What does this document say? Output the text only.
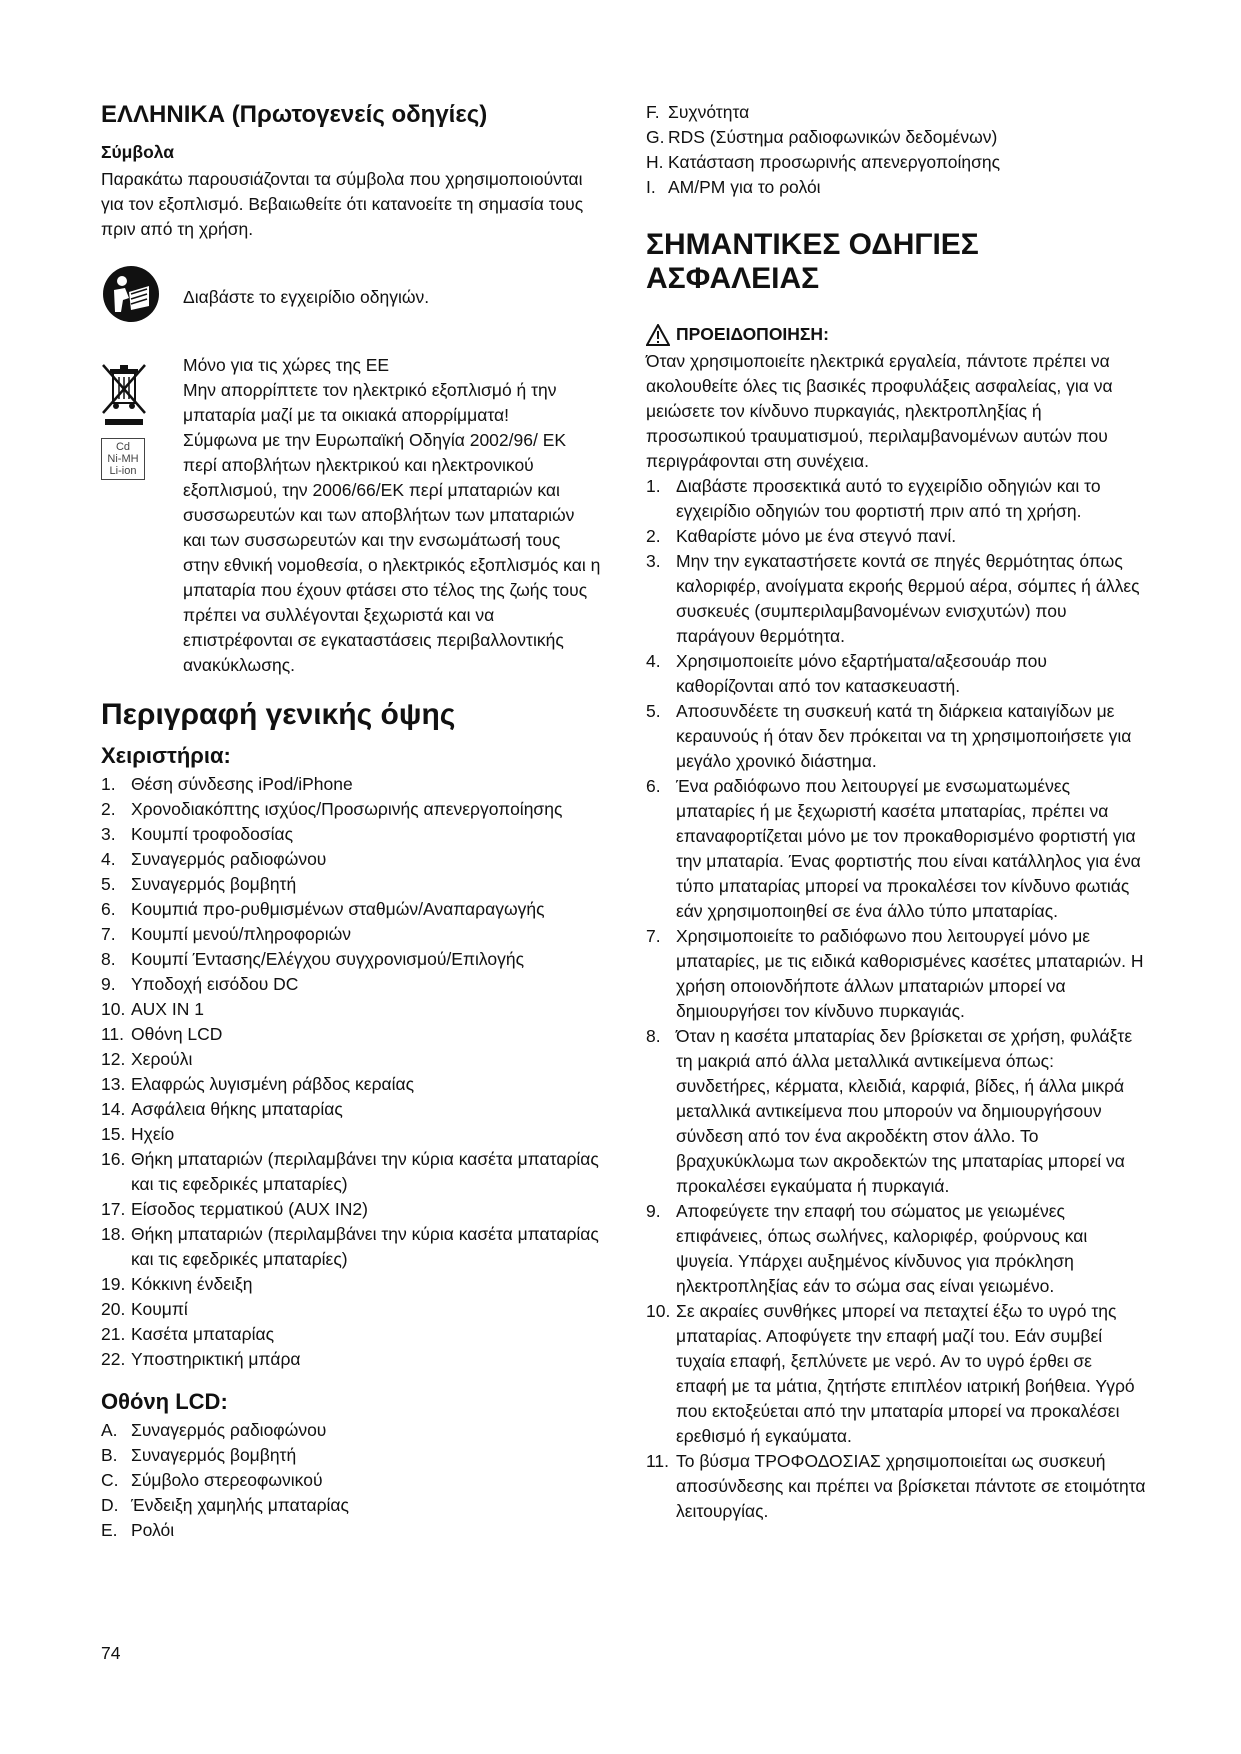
ΕΛΛΗΝΙΚΑ (Πρωτογενείς οδηγίες)
Σύμβολα

Παρακάτω παρουσιάζονται τα σύμβολα που χρησιμοποιούνται για τον εξοπλισμό. Βεβαιωθείτε ότι κατανοείτε τη σημασία τους πριν από τη χρήση.

Διαβάστε το εγχειρίδιο οδηγιών.
Cd
Ni-MH
Li-ion

Μόνο για τις χώρες της ΕΕ

Μην απορρίπτετε τον ηλεκτρικό εξοπλισμό ή την μπαταρία μαζί με τα οικιακά απορρίμματα!

Σύμφωνα με την Ευρωπαϊκή Οδηγία 2002/96/ ΕΚ περί αποβλήτων ηλεκτρικού και ηλεκτρονικού εξοπλισμού, την 2006/66/ΕΚ περί μπαταριών και συσσωρευτών και των αποβλήτων των μπαταριών και των συσσωρευτών και την ενσωμάτωσή τους στην εθνική νομοθεσία, ο ηλεκτρικός εξοπλισμός και η μπαταρία που έχουν φτάσει στο τέλος της ζωής τους πρέπει να συλλέγονται ξεχωριστά και να επιστρέφονται σε εγκαταστάσεις περιβαλλοντικής ανακύκλωσης.

Περιγραφή γενικής όψης
Χειριστήρια:
1. Θέση σύνδεσης iPod/iPhone
2. Χρονοδιακόπτης ισχύος/Προσωρινής απενεργοποίησης
3. Κουμπί τροφοδοσίας
4. Συναγερμός ραδιοφώνου
5. Συναγερμός βομβητή
6. Κουμπιά προ-ρυθμισμένων σταθμών/Αναπαραγωγής
7. Κουμπί μενού/πληροφοριών
8. Κουμπί Έντασης/Ελέγχου συγχρονισμού/Επιλογής
9. Υποδοχή εισόδου DC
10. AUX IN 1
11. Οθόνη LCD
12. Χερούλι
13. Ελαφρώς λυγισμένη ράβδος κεραίας
14. Ασφάλεια θήκης μπαταρίας
15. Ηχείο
16. Θήκη μπαταριών (περιλαμβάνει την κύρια κασέτα μπαταρίας και τις εφεδρικές μπαταρίες)
17. Είσοδος τερματικού (AUX IN2)
18. Θήκη μπαταριών (περιλαμβάνει την κύρια κασέτα μπαταρίας και τις εφεδρικές μπαταρίες)
19. Κόκκινη ένδειξη
20. Κουμπί
21. Κασέτα μπαταρίας
22. Υποστηρικτική μπάρα
Οθόνη LCD:
A. Συναγερμός ραδιοφώνου
B. Συναγερμός βομβητή
C. Σύμβολο στερεοφωνικού
D. Ένδειξη χαμηλής μπαταρίας
E. Ρολόι
74
F. Συχνότητα
G. RDS (Σύστημα ραδιοφωνικών δεδομένων)
H. Κατάσταση προσωρινής απενεργοποίησης
I. AM/PM για το ρολόι
ΣΗΜΑΝΤΙΚΕΣ ΟΔΗΓΙΕΣ ΑΣΦΑΛΕΙΑΣ
ΠΡΟΕΙΔΟΠΟΙΗΣΗ:

Όταν χρησιμοποιείτε ηλεκτρικά εργαλεία, πάντοτε πρέπει να ακολουθείτε όλες τις βασικές προφυλάξεις ασφαλείας, για να μειώσετε τον κίνδυνο πυρκαγιάς, ηλεκτροπληξίας ή προσωπικού τραυματισμού, περιλαμβανομένων αυτών που περιγράφονται στη συνέχεια.

1. Διαβάστε προσεκτικά αυτό το εγχειρίδιο οδηγιών και το εγχειρίδιο οδηγιών του φορτιστή πριν από τη χρήση.
2. Καθαρίστε μόνο με ένα στεγνό πανί.
3. Μην την εγκαταστήσετε κοντά σε πηγές θερμότητας όπως καλοριφέρ, ανοίγματα εκροής θερμού αέρα, σόμπες ή άλλες συσκευές (συμπεριλαμβανομένων ενισχυτών) που παράγουν θερμότητα.
4. Χρησιμοποιείτε μόνο εξαρτήματα/αξεσουάρ που καθορίζονται από τον κατασκευαστή.
5. Αποσυνδέετε τη συσκευή κατά τη διάρκεια καταιγίδων με κεραυνούς ή όταν δεν πρόκειται να τη χρησιμοποιήσετε για μεγάλο χρονικό διάστημα.
6. Ένα ραδιόφωνο που λειτουργεί με ενσωματωμένες μπαταρίες ή με ξεχωριστή κασέτα μπαταρίας, πρέπει να επαναφορτίζεται μόνο με τον προκαθορισμένο φορτιστή για την μπαταρία. Ένας φορτιστής που είναι κατάλληλος για ένα τύπο μπαταρίας μπορεί να προκαλέσει τον κίνδυνο φωτιάς εάν χρησιμοποιηθεί σε ένα άλλο τύπο μπαταρίας.
7. Χρησιμοποιείτε το ραδιόφωνο που λειτουργεί μόνο με μπαταρίες, με τις ειδικά καθορισμένες κασέτες μπαταριών. Η χρήση οποιονδήποτε άλλων μπαταριών μπορεί να δημιουργήσει τον κίνδυνο πυρκαγιάς.
8. Όταν η κασέτα μπαταρίας δεν βρίσκεται σε χρήση, φυλάξτε τη μακριά από άλλα μεταλλικά αντικείμενα όπως: συνδετήρες, κέρματα, κλειδιά, καρφιά, βίδες, ή άλλα μικρά μεταλλικά αντικείμενα που μπορούν να δημιουργήσουν σύνδεση από τον ένα ακροδέκτη στον άλλο. Το βραχυκύκλωμα των ακροδεκτών της μπαταρίας μπορεί να προκαλέσει εγκαύματα ή πυρκαγιά.
9. Αποφεύγετε την επαφή του σώματος με γειωμένες επιφάνειες, όπως σωλήνες, καλοριφέρ, φούρνους και ψυγεία. Υπάρχει αυξημένος κίνδυνος για πρόκληση ηλεκτροπληξίας εάν το σώμα σας είναι γειωμένο.
10. Σε ακραίες συνθήκες μπορεί να πεταχτεί έξω το υγρό της μπαταρίας. Αποφύγετε την επαφή μαζί του. Εάν συμβεί τυχαία επαφή, ξεπλύνετε με νερό. Αν το υγρό έρθει σε επαφή με τα μάτια, ζητήστε επιπλέον ιατρική βοήθεια. Υγρό που εκτοξεύεται από την μπαταρία μπορεί να προκαλέσει ερεθισμό ή εγκαύματα.
11. Το βύσμα ΤΡΟΦΟΔΟΣΙΑΣ χρησιμοποιείται ως συσκευή αποσύνδεσης και πρέπει να βρίσκεται πάντοτε σε ετοιμότητα λειτουργίας.
